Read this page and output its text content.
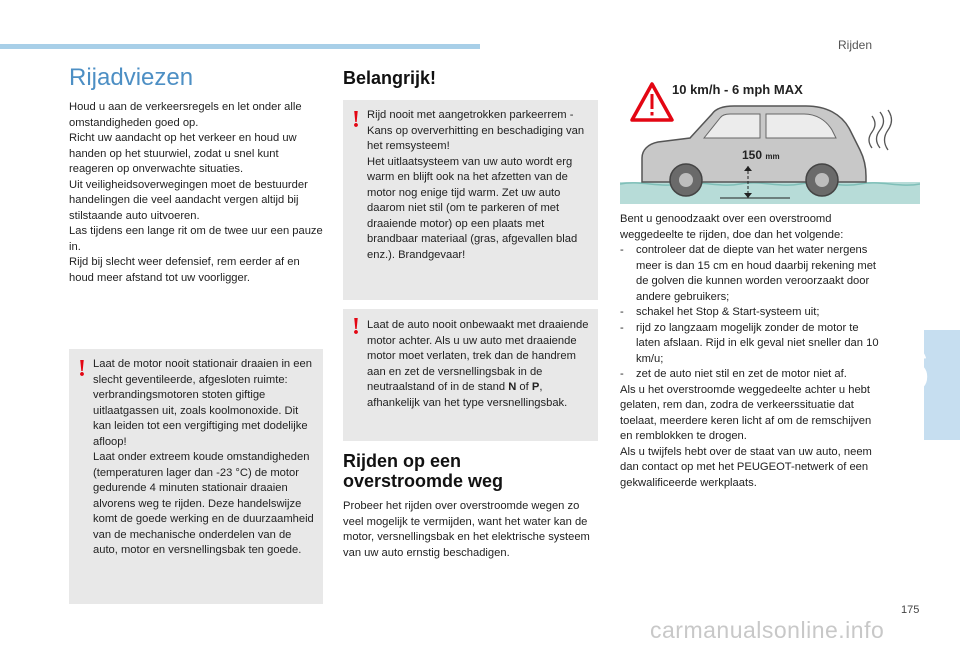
Rijden
6
175
carmanualsonline.info
Rijadviezen

Houd u aan de verkeersregels en let onder alle omstandigheden goed op.

Richt uw aandacht op het verkeer en houd uw handen op het stuurwiel, zodat u snel kunt reageren op onverwachte situaties.

Uit veiligheidsoverwegingen moet de bestuurder handelingen die veel aandacht vergen altijd bij stilstaande auto uitvoeren.

Las tijdens een lange rit om de twee uur een pauze in.

Rijd bij slecht weer defensief, rem eerder af en houd meer afstand tot uw voorligger.

! Laat de motor nooit stationair draaien in een slecht geventileerde, afgesloten ruimte: verbrandingsmotoren stoten giftige uitlaatgassen uit, zoals koolmonoxide. Dit kan leiden tot een vergiftiging met dodelijke afloop!

Laat onder extreem koude omstandigheden (temperaturen lager dan -23 °C) de motor gedurende 4 minuten stationair draaien alvorens weg te rijden. Deze handelswijze komt de goede werking en de duurzaamheid van de mechanische onderdelen van de auto, motor en versnellingsbak ten goede.

Belangrijk!
! Rijd nooit met aangetrokken parkeerrem - Kans op oververhitting en beschadiging van het remsysteem!

Het uitlaatsysteem van uw auto wordt erg warm en blijft ook na het afzetten van de motor nog enige tijd warm. Zet uw auto daarom niet stil (om te parkeren of met draaiende motor) op een plaats met brandbaar materiaal (gras, afgevallen blad enz.). Brandgevaar!

! Laat de auto nooit onbewaakt met draaiende motor achter. Als u uw auto met draaiende motor moet verlaten, trek dan de handrem aan en zet de versnellingsbak in de neutraalstand of in de stand N of P, afhankelijk van het type versnellingsbak.

Rijden op een
overstroomde weg
Probeer het rijden over overstroomde wegen zo veel mogelijk te vermijden, want het water kan de motor, versnellingsbak en het elektrische systeem van uw auto ernstig beschadigen.
10 km/h - 6 mph MAX
150 mm

Bent u genoodzaakt over een overstroomd weggedeelte te rijden, doe dan het volgende:

- controleer dat de diepte van het water nergens meer is dan 15 cm en houd daarbij rekening met de golven die kunnen worden veroorzaakt door andere gebruikers;
- schakel het Stop & Start-systeem uit;
- rijd zo langzaam mogelijk zonder de motor te laten afslaan. Rijd in elk geval niet sneller dan 10 km/u;
- zet de auto niet stil en zet de motor niet af.

Als u het overstroomde weggedeelte achter u hebt gelaten, rem dan, zodra de verkeerssituatie dat toelaat, meerdere keren licht af om de remschijven en remblokken te drogen.

Als u twijfels hebt over de staat van uw auto, neem dan contact op met het PEUGEOT-netwerk of een gekwalificeerde werkplaats.
